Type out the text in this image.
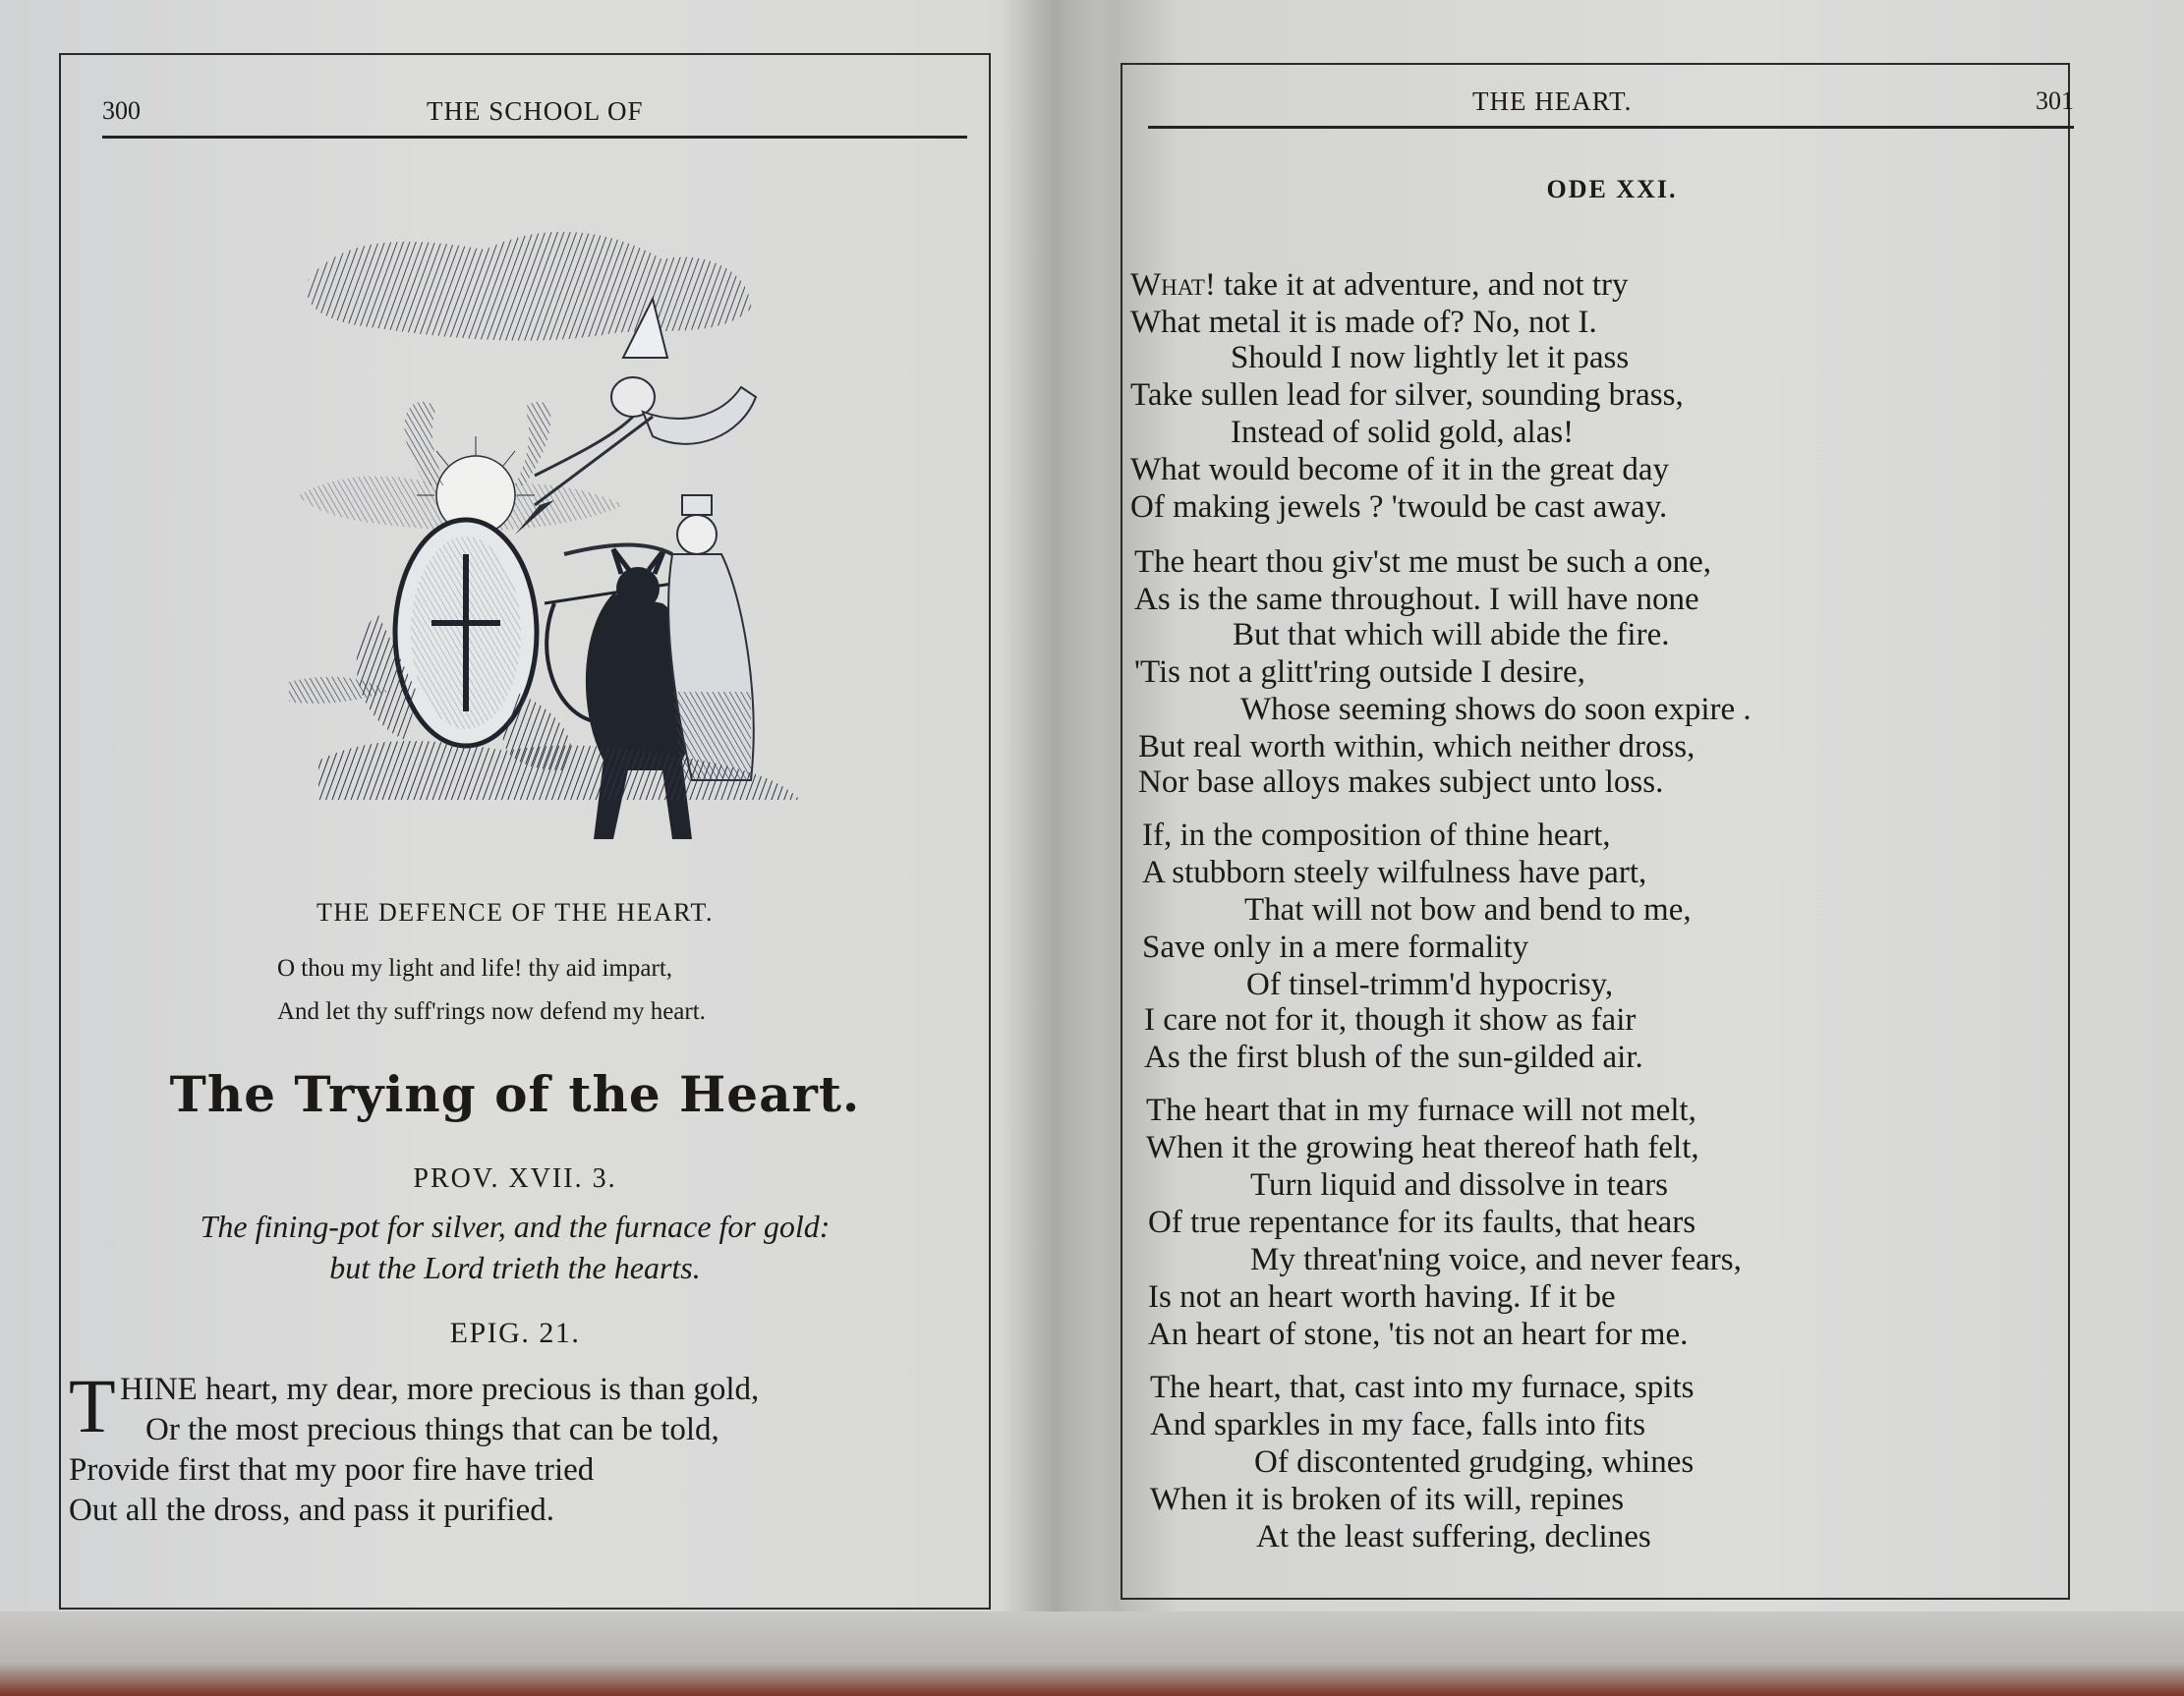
300	THE SCHOOL OF
THE DEFENCE OF THE HEART.
O thou my light and life! thy aid impart,
And let thy suff'rings now defend my heart.
The Trying of the Heart.
PROV. XVII. 3.
The fining-pot for silver, and the furnace for gold:
but the Lord trieth the hearts.
EPIG. 21.
T HINE heart, my dear, more precious is than gold,
Or the most precious things that can be told,
Provide first that my poor fire have tried
Out all the dross, and pass it purified.
THE HEART.	301
ODE XXI.
What! take it at adventure, and not try
What metal it is made of? No, not I.
Should I now lightly let it pass
Take sullen lead for silver, sounding brass,
Instead of solid gold, alas!
What would become of it in the great day
Of making jewels ? 'twould be cast away.
The heart thou giv'st me must be such a one,
As is the same throughout. I will have none
But that which will abide the fire.
'Tis not a glitt'ring outside I desire,
Whose seeming shows do soon expire .
But real worth within, which neither dross,
Nor base alloys makes subject unto loss.
If, in the composition of thine heart,
A stubborn steely wilfulness have part,
That will not bow and bend to me,
Save only in a mere formality
Of tinsel-trimm'd hypocrisy,
I care not for it, though it show as fair
As the first blush of the sun-gilded air.
The heart that in my furnace will not melt,
When it the growing heat thereof hath felt,
Turn liquid and dissolve in tears
Of true repentance for its faults, that hears
My threat'ning voice, and never fears,
Is not an heart worth having. If it be
An heart of stone, 'tis not an heart for me.
The heart, that, cast into my furnace, spits
And sparkles in my face, falls into fits
Of discontented grudging, whines
When it is broken of its will, repines
At the least suffering, declines
